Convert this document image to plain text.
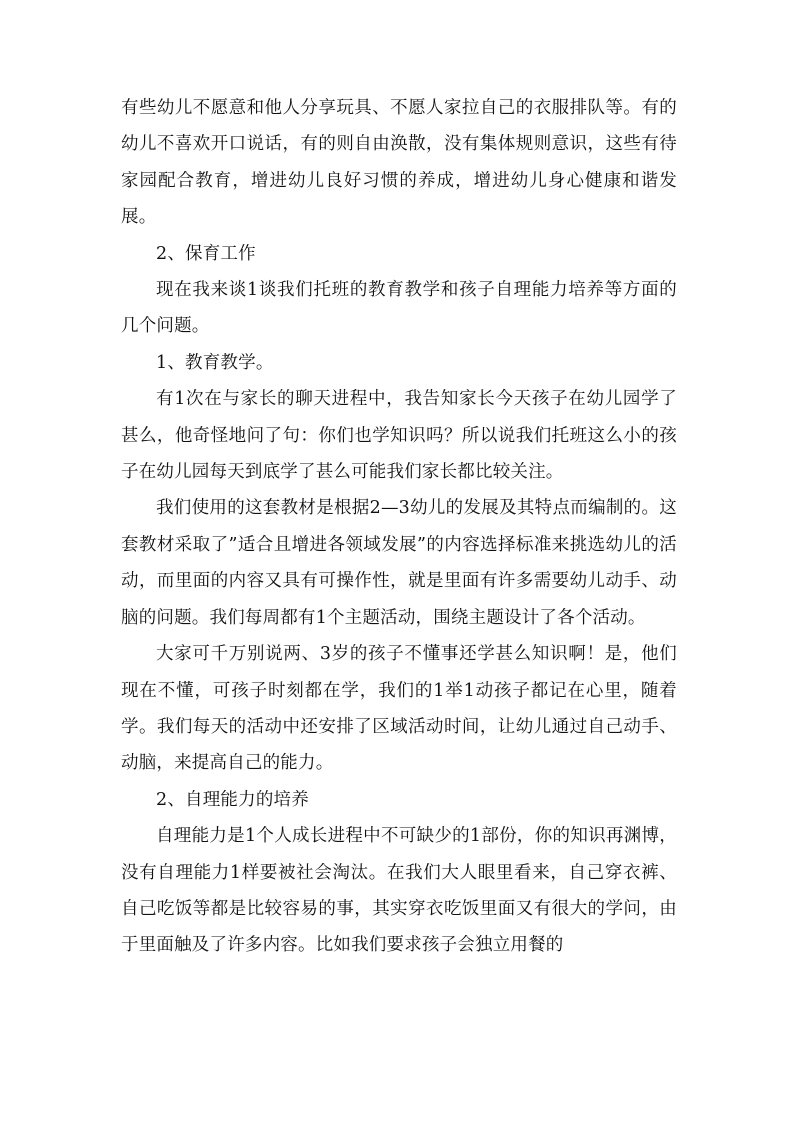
有些幼儿不愿意和他人分享玩具、不愿人家拉自己的衣服排队等。有的幼儿不喜欢开口说话，有的则自由涣散，没有集体规则意识，这些有待家园配合教育，增进幼儿良好习惯的养成，增进幼儿身心健康和谐发展。

2、保育工作

现在我来谈1谈我们托班的教育教学和孩子自理能力培养等方面的几个问题。

1、教育教学。

有1次在与家长的聊天进程中，我告知家长今天孩子在幼儿园学了甚么，他奇怪地问了句：你们也学知识吗？所以说我们托班这么小的孩子在幼儿园每天到底学了甚么可能我们家长都比较关注。

我们使用的这套教材是根据2—3幼儿的发展及其特点而编制的。这套教材采取了”适合且增进各领域发展”的内容选择标准来挑选幼儿的活动，而里面的内容又具有可操作性，就是里面有许多需要幼儿动手、动脑的问题。我们每周都有1个主题活动，围绕主题设计了各个活动。

大家可千万别说两、3岁的孩子不懂事还学甚么知识啊！是，他们现在不懂，可孩子时刻都在学，我们的1举1动孩子都记在心里，随着学。我们每天的活动中还安排了区域活动时间，让幼儿通过自己动手、动脑，来提高自己的能力。

2、自理能力的培养

自理能力是1个人成长进程中不可缺少的1部份，你的知识再渊博，没有自理能力1样要被社会淘汰。在我们大人眼里看来，自己穿衣裤、自己吃饭等都是比较容易的事，其实穿衣吃饭里面又有很大的学问，由于里面触及了许多内容。比如我们要求孩子会独立用餐的
